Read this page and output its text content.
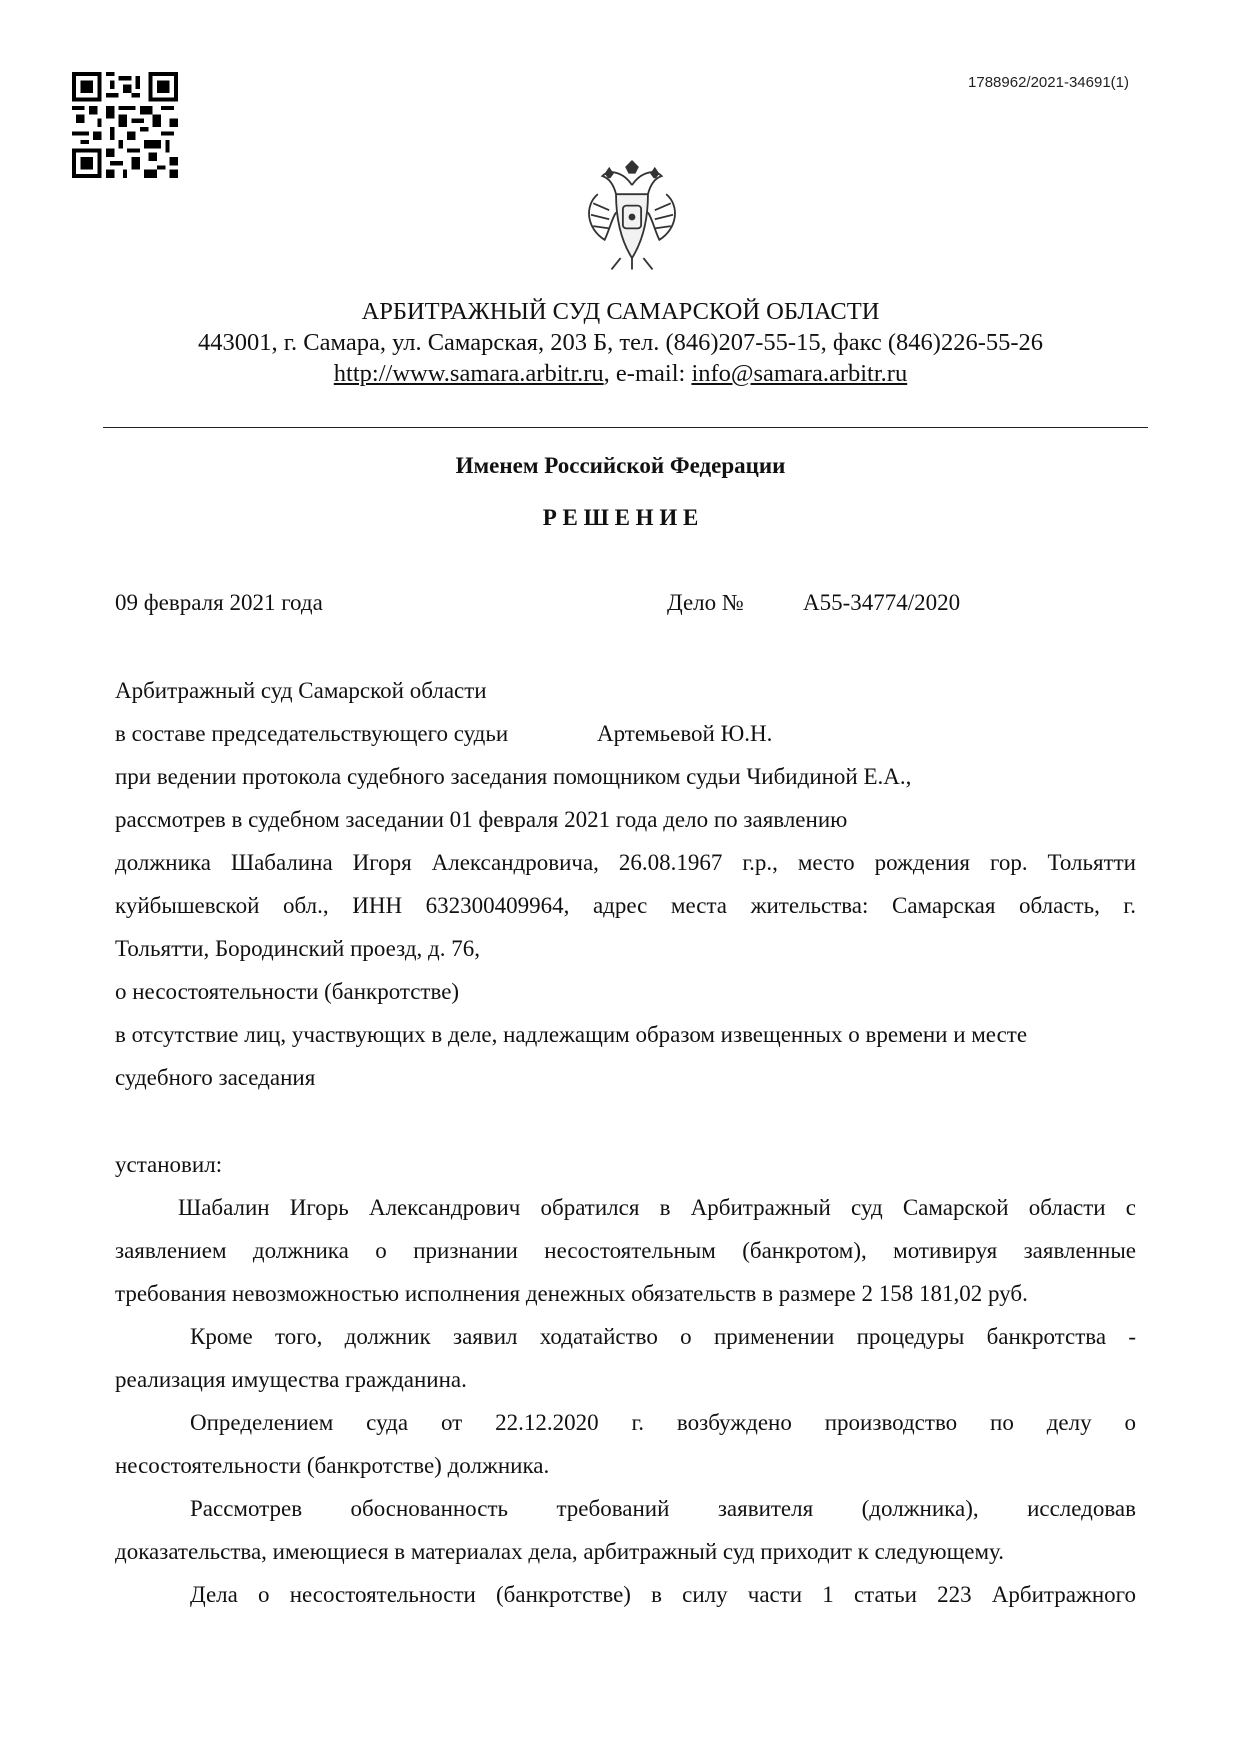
1788962/2021-34691(1)
АРБИТРАЖНЫЙ СУД САМАРСКОЙ ОБЛАСТИ
443001, г. Самара, ул. Самарская, 203 Б, тел. (846)207-55-15, факс (846)226-55-26
http://www.samara.arbitr.ru, e-mail: info@samara.arbitr.ru
Именем Российской Федерации
Р Е Ш Е Н И Е
09 февраля 2021 года	Дело №	А55-34774/2020
Арбитражный суд Самарской области
в составе председательствующего судьи	Артемьевой Ю.Н.
при ведении протокола судебного заседания помощником судьи Чибидиной Е.А.,
рассмотрев в судебном заседании 01 февраля 2021 года дело по заявлению
должника Шабалина Игоря Александровича, 26.08.1967 г.р., место рождения гор. Тольятти
куйбышевской обл., ИНН 632300409964, адрес места жительства: Самарская область, г.
Тольятти, Бородинский проезд, д. 76,
о несостоятельности (банкротстве)
в отсутствие лиц, участвующих в деле, надлежащим образом извещенных о времени и месте
судебного заседания
установил:
Шабалин Игорь Александрович обратился в Арбитражный суд Самарской области с
заявлением должника о признании несостоятельным (банкротом), мотивируя заявленные
требования невозможностью исполнения денежных обязательств в размере 2 158 181,02 руб.
Кроме того, должник заявил ходатайство о применении процедуры банкротства -
реализация имущества гражданина.
Определением суда от 22.12.2020 г. возбуждено производство по делу о
несостоятельности (банкротстве) должника.
Рассмотрев обоснованность требований заявителя (должника), исследовав
доказательства, имеющиеся в материалах дела, арбитражный суд приходит к следующему.
Дела о несостоятельности (банкротстве) в силу части 1 статьи 223 Арбитражного
